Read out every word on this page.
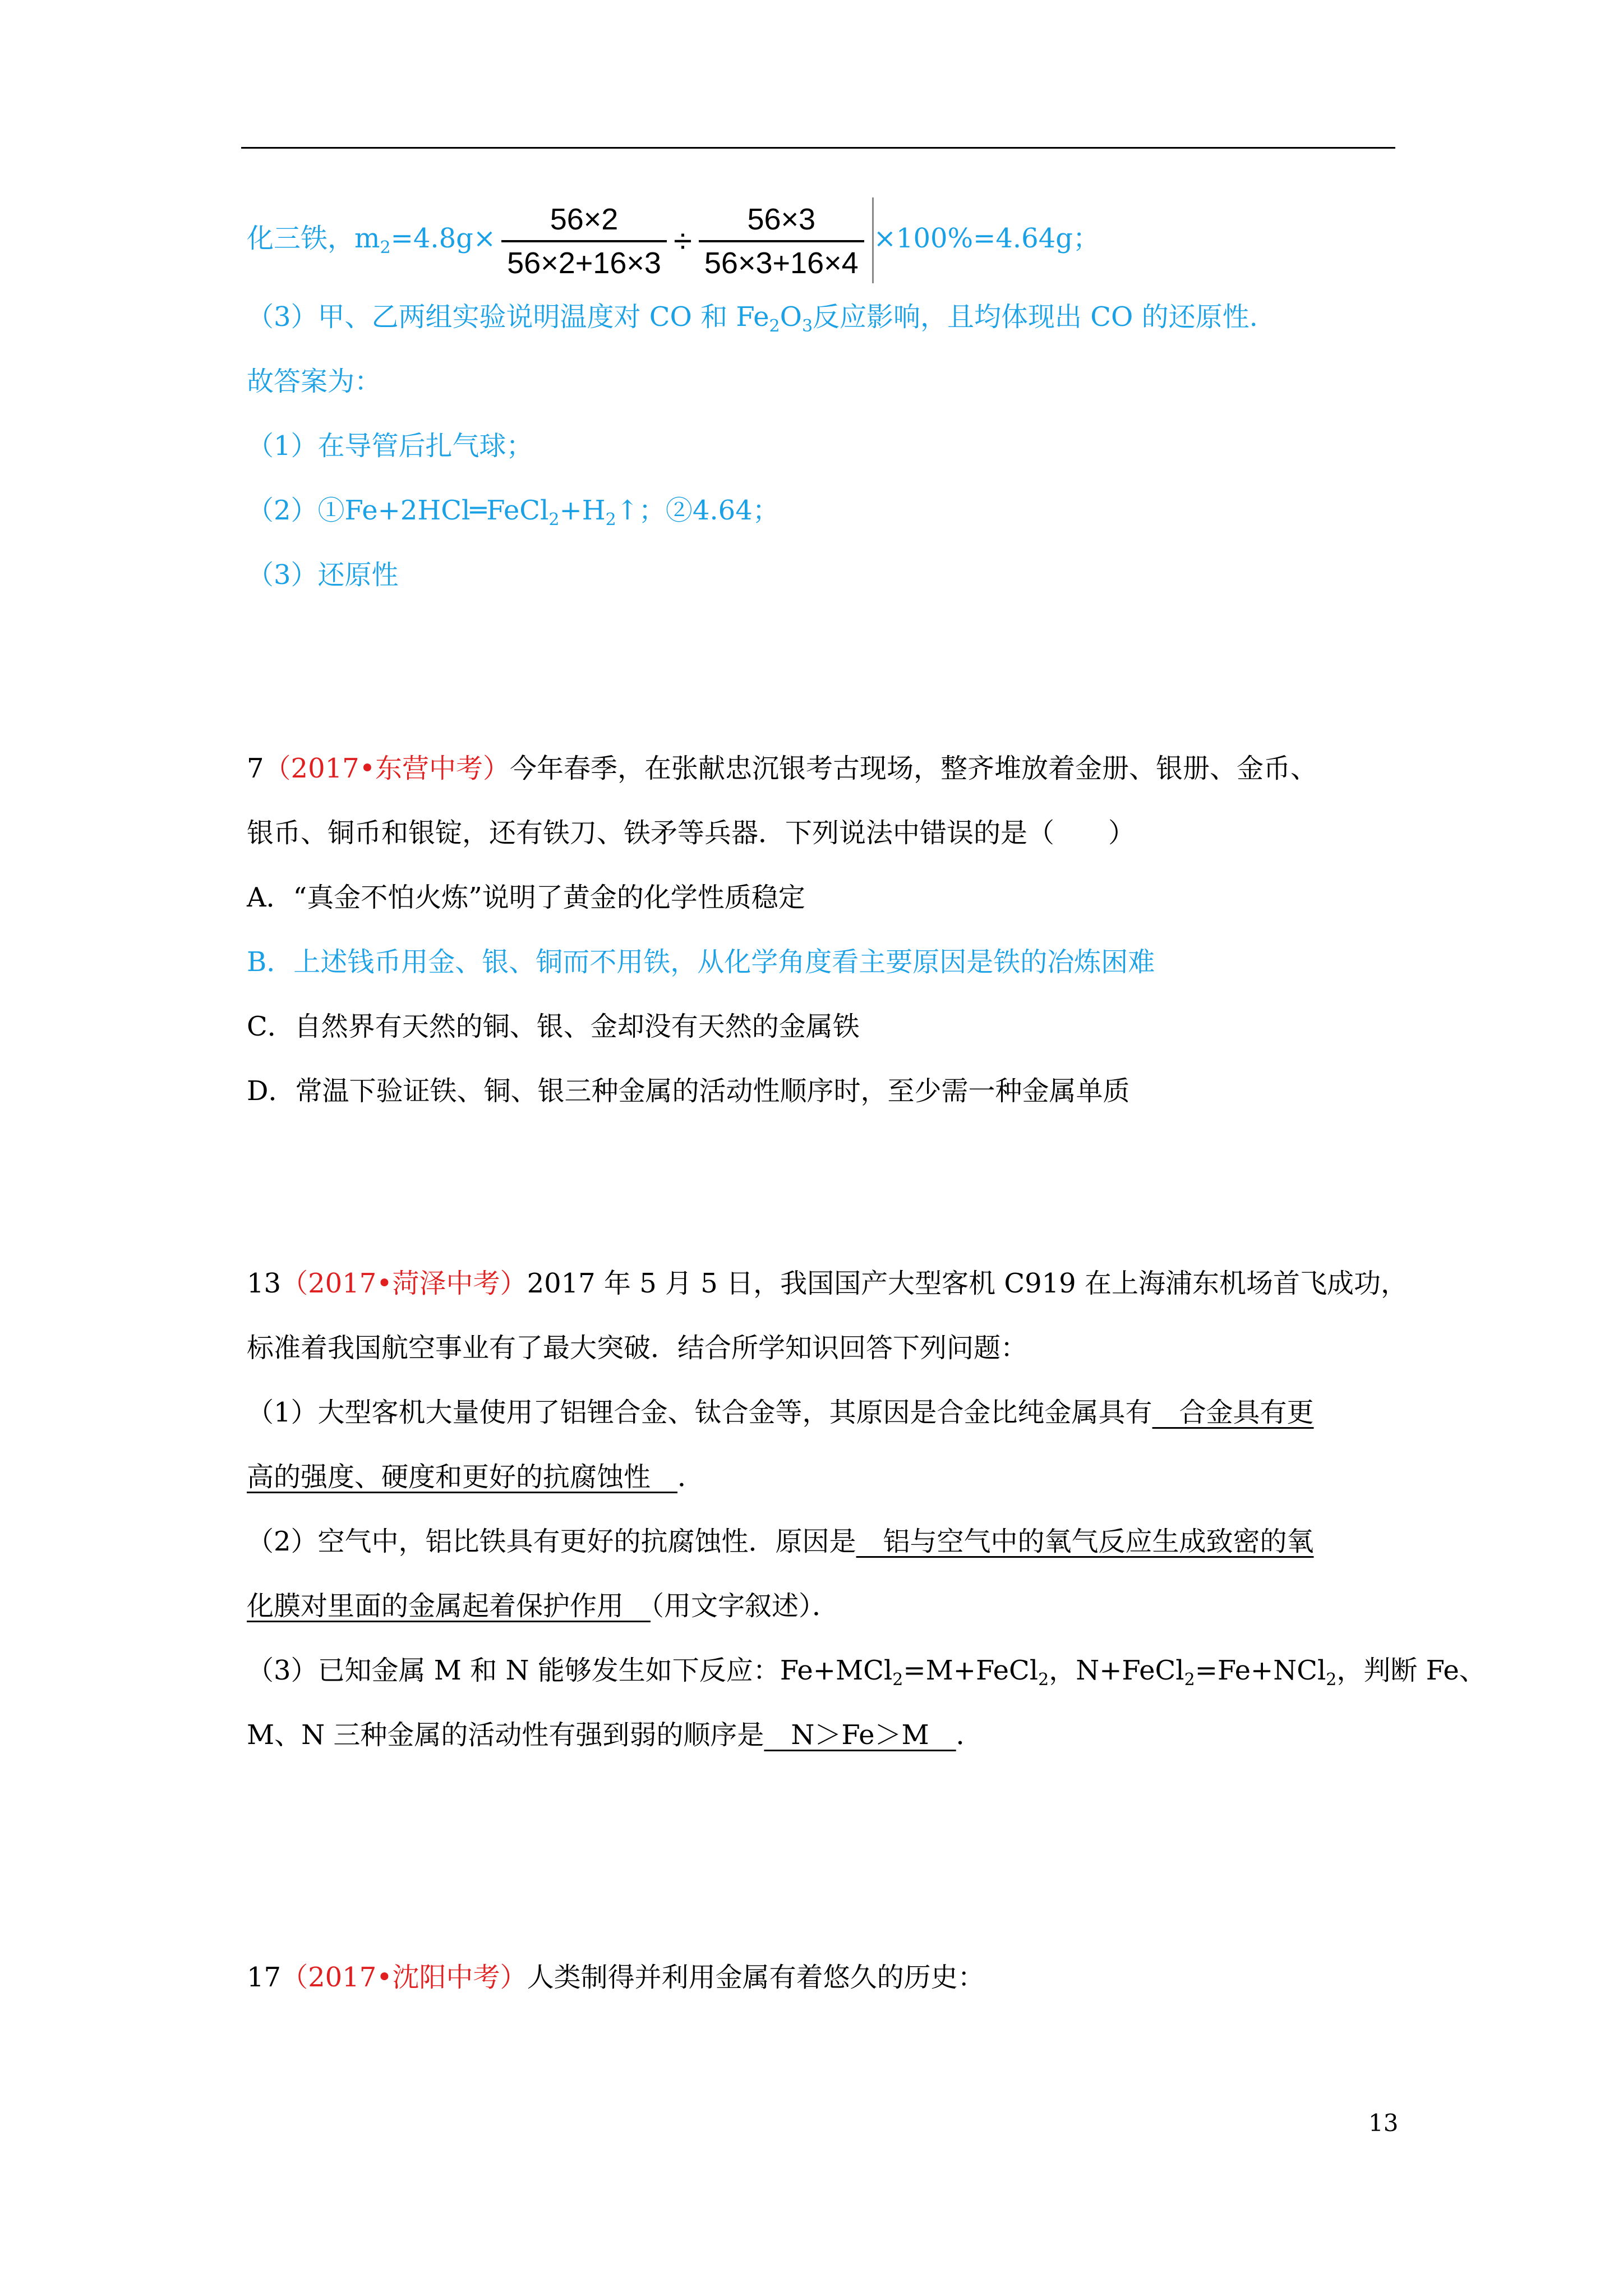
化三铁，$m_2=4.8g\times \frac{56\times 2}{56\times 2+16\times 3} \div \frac{56\times 3}{56\times 3+16\times 4} \times 100\%=4.64g$；
（3）甲、乙两组实验说明温度对 CO 和 $Fe_2O_3$反应影响，且均体现出 CO 的还原性.
故答案为：
（1）在导管后扎气球；
$(2)①Fe+2HCl═FeCl_2+H_2↑$；②4.64；
（3）还原性
7（2017•东营中考）今年春季，在张献忠沉银考古现场，整齐堆放着金册、银册、金币、
银币、铜币和银锭，还有铁刀、铁矛等兵器．下列说法中错误的是（　　）
A．“真金不怕火炼”说明了黄金的化学性质稳定
B．上述钱币用金、银、铜而不用铁，从化学角度看主要原因是铁的冶炼困难
C．自然界有天然的铜、银、金却没有天然的金属铁
D．常温下验证铁、铜、银三种金属的活动性顺序时，至少需一种金属单质
13（2017•菏泽中考）2017 年 5 月 5 日，我国国产大型客机 C919 在上海浦东机场首飞成功，
标准着我国航空事业有了最大突破．结合所学知识回答下列问题：
（1）大型客机大量使用了铝锂合金、钛合金等，其原因是合金比纯金属具有　合金具有更
高的强度、硬度和更好的抗腐蚀性　．
（2）空气中，铝比铁具有更好的抗腐蚀性．原因是　铝与空气中的氧气反应生成致密的氧
化膜对里面的金属起着保护作用　（用文字叙述）．
（3）已知金属 M 和 N 能够发生如下反应：Fe+MCl$_2$=M+FeCl$_2$，N+FeCl$_2$=Fe+NCl$_2$，判断 Fe、
M、N 三种金属的活动性有强到弱的顺序是　N＞Fe＞M　．
17（2017•沈阳中考）人类制得并利用金属有着悠久的历史：
13
